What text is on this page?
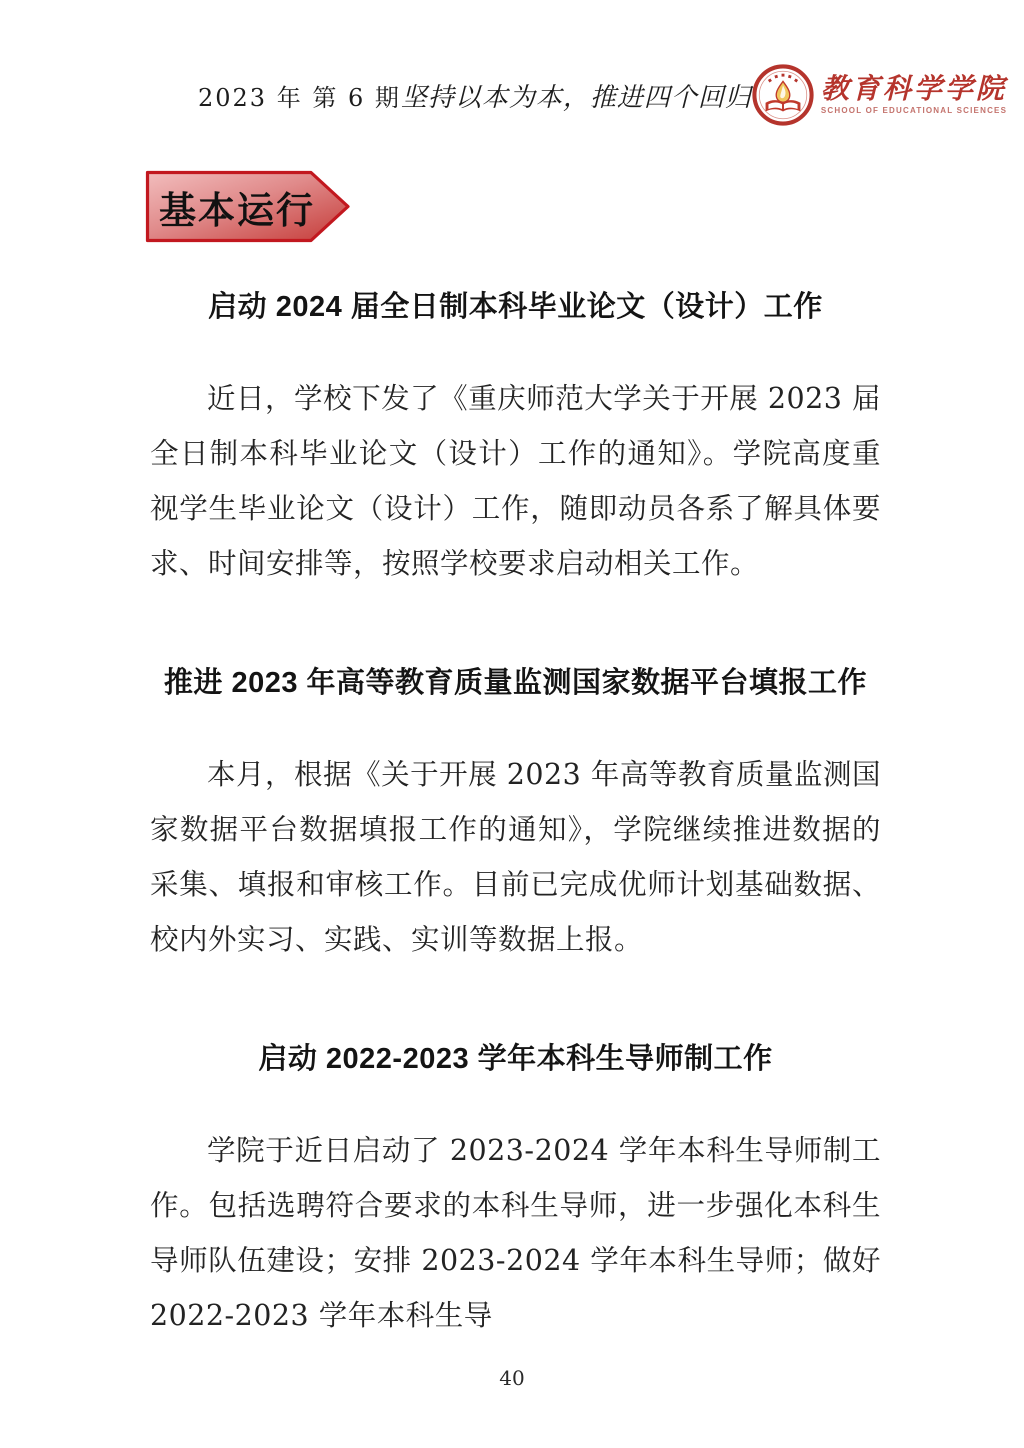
2023 年 第 6 期 坚持以本为本，推进四个回归 教育科学学院
SCHOOL OF EDUCATIONAL SCIENCES
基本运行
启动 2024 届全日制本科毕业论文（设计）工作

近日，学校下发了《重庆师范大学关于开展 2023 届全日制本科毕业论文（设计）工作的通知》。学院高度重视学生毕业论文（设计）工作，随即动员各系了解具体要求、时间安排等，按照学校要求启动相关工作。

推进 2023 年高等教育质量监测国家数据平台填报工作

本月，根据《关于开展 2023 年高等教育质量监测国家数据平台数据填报工作的通知》，学院继续推进数据的采集、填报和审核工作。目前已完成优师计划基础数据、校内外实习、实践、实训等数据上报。

启动 2022-2023 学年本科生导师制工作

学院于近日启动了 2023-2024 学年本科生导师制工作。包括选聘符合要求的本科生导师，进一步强化本科生导师队伍建设；安排 2023-2024 学年本科生导师；做好 2022-2023 学年本科生导

40
